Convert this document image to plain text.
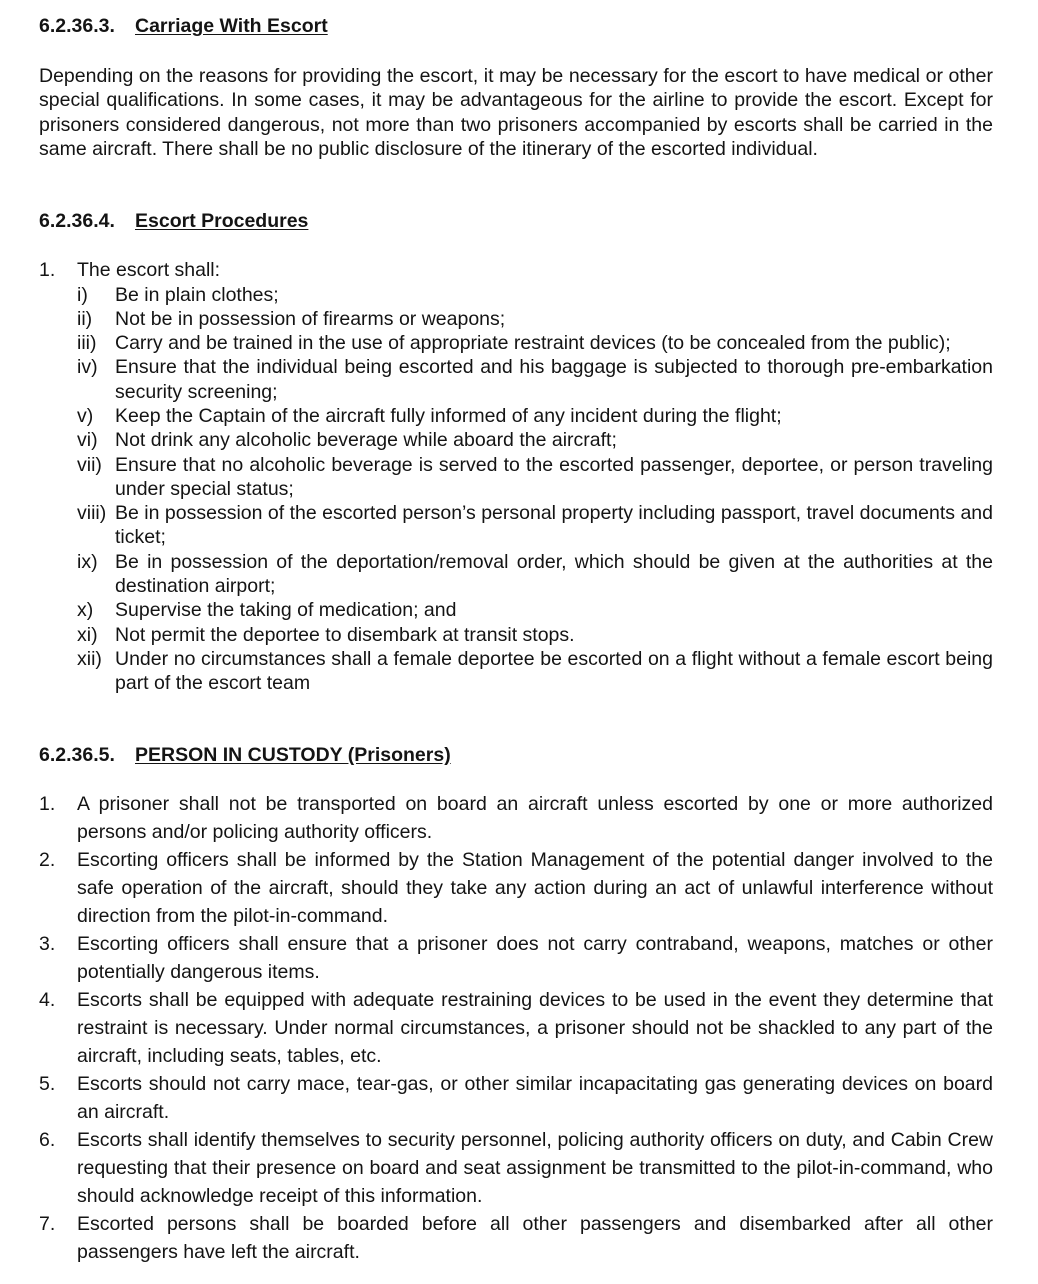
6.2.36.3. Carriage With Escort
Depending on the reasons for providing the escort, it may be necessary for the escort to have medical or other special qualifications. In some cases, it may be advantageous for the airline to provide the escort. Except for prisoners considered dangerous, not more than two prisoners accompanied by escorts shall be carried in the same aircraft. There shall be no public disclosure of the itinerary of the escorted individual.
6.2.36.4. Escort Procedures
1. The escort shall:
i)	Be in plain clothes;
ii)	Not be in possession of firearms or weapons;
iii) Carry and be trained in the use of appropriate restraint devices (to be concealed from the public);
iv) Ensure that the individual being escorted and his baggage is subjected to thorough pre-embarkation security screening;
v)	Keep the Captain of the aircraft fully informed of any incident during the flight;
vi) Not drink any alcoholic beverage while aboard the aircraft;
vii) Ensure that no alcoholic beverage is served to the escorted passenger, deportee, or person traveling under special status;
viii) Be in possession of the escorted person’s personal property including passport, travel documents and ticket;
ix) Be in possession of the deportation/removal order, which should be given at the authorities at the destination airport;
x)	Supervise the taking of medication; and
xi) Not permit the deportee to disembark at transit stops.
xii) Under no circumstances shall a female deportee be escorted on a flight without a female escort being part of the escort team
6.2.36.5. PERSON IN CUSTODY (Prisoners)
1.	A prisoner shall not be transported on board an aircraft unless escorted by one or more authorized persons and/or policing authority officers.
2.	Escorting officers shall be informed by the Station Management of the potential danger involved to the safe operation of the aircraft, should they take any action during an act of unlawful interference without direction from the pilot-in-command.
3.	Escorting officers shall ensure that a prisoner does not carry contraband, weapons, matches or other potentially dangerous items.
4.	Escorts shall be equipped with adequate restraining devices to be used in the event they determine that restraint is necessary. Under normal circumstances, a prisoner should not be shackled to any part of the aircraft, including seats, tables, etc.
5.	Escorts should not carry mace, tear-gas, or other similar incapacitating gas generating devices on board an aircraft.
6.	Escorts shall identify themselves to security personnel, policing authority officers on duty, and Cabin Crew requesting that their presence on board and seat assignment be transmitted to the pilot-in-command, who should acknowledge receipt of this information.
7.	Escorted persons shall be boarded before all other passengers and disembarked after all other passengers have left the aircraft.
